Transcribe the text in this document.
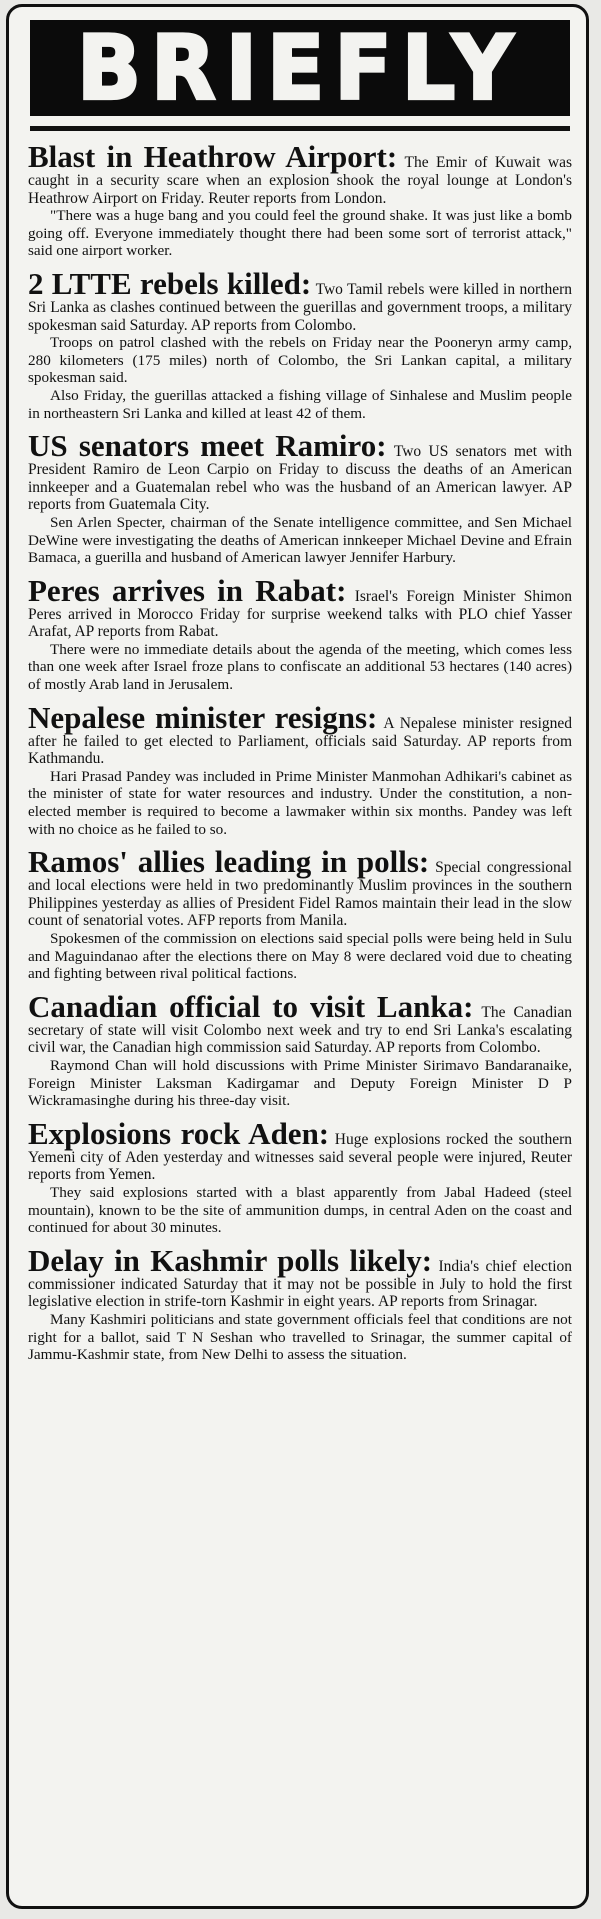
BRIEFLY

Blast in Heathrow Airport: The Emir of Kuwait was caught in a security scare when an explosion shook the royal lounge at London's Heathrow Airport on Friday. Reuter reports from London.

"There was a huge bang and you could feel the ground shake. It was just like a bomb going off. Everyone immediately thought there had been some sort of terrorist attack," said one airport worker.

2 LTTE rebels killed: Two Tamil rebels were killed in northern Sri Lanka as clashes continued between the guerillas and government troops, a military spokesman said Saturday. AP reports from Colombo.

Troops on patrol clashed with the rebels on Friday near the Pooneryn army camp, 280 kilometers (175 miles) north of Colombo, the Sri Lankan capital, a military spokesman said.

Also Friday, the guerillas attacked a fishing village of Sinhalese and Muslim people in northeastern Sri Lanka and killed at least 42 of them.

US senators meet Ramiro: Two US senators met with President Ramiro de Leon Carpio on Friday to discuss the deaths of an American innkeeper and a Guatemalan rebel who was the husband of an American lawyer. AP reports from Guatemala City.

Sen Arlen Specter, chairman of the Senate intelligence committee, and Sen Michael DeWine were investigating the deaths of American innkeeper Michael Devine and Efrain Bamaca, a guerilla and husband of American lawyer Jennifer Harbury.

Peres arrives in Rabat: Israel's Foreign Minister Shimon Peres arrived in Morocco Friday for surprise weekend talks with PLO chief Yasser Arafat, AP reports from Rabat.

There were no immediate details about the agenda of the meeting, which comes less than one week after Israel froze plans to confiscate an additional 53 hectares (140 acres) of mostly Arab land in Jerusalem.

Nepalese minister resigns: A Nepalese minister resigned after he failed to get elected to Parliament, officials said Saturday. AP reports from Kathmandu.

Hari Prasad Pandey was included in Prime Minister Manmohan Adhikari's cabinet as the minister of state for water resources and industry. Under the constitution, a non-elected member is required to become a lawmaker within six months. Pandey was left with no choice as he failed to so.

Ramos' allies leading in polls: Special congressional and local elections were held in two predominantly Muslim provinces in the southern Philippines yesterday as allies of President Fidel Ramos maintain their lead in the slow count of senatorial votes. AFP reports from Manila.

Spokesmen of the commission on elections said special polls were being held in Sulu and Maguindanao after the elections there on May 8 were declared void due to cheating and fighting between rival political factions.

Canadian official to visit Lanka: The Canadian secretary of state will visit Colombo next week and try to end Sri Lanka's escalating civil war, the Canadian high commission said Saturday. AP reports from Colombo.

Raymond Chan will hold discussions with Prime Minister Sirimavo Bandaranaike, Foreign Minister Laksman Kadirgamar and Deputy Foreign Minister D P Wickramasinghe during his three-day visit.

Explosions rock Aden: Huge explosions rocked the southern Yemeni city of Aden yesterday and witnesses said several people were injured, Reuter reports from Yemen.

They said explosions started with a blast apparently from Jabal Hadeed (steel mountain), known to be the site of ammunition dumps, in central Aden on the coast and continued for about 30 minutes.

Delay in Kashmir polls likely: India's chief election commissioner indicated Saturday that it may not be possible in July to hold the first legislative election in strife-torn Kashmir in eight years. AP reports from Srinagar.

Many Kashmiri politicians and state government officials feel that conditions are not right for a ballot, said T N Seshan who travelled to Srinagar, the summer capital of Jammu-Kashmir state, from New Delhi to assess the situation.
